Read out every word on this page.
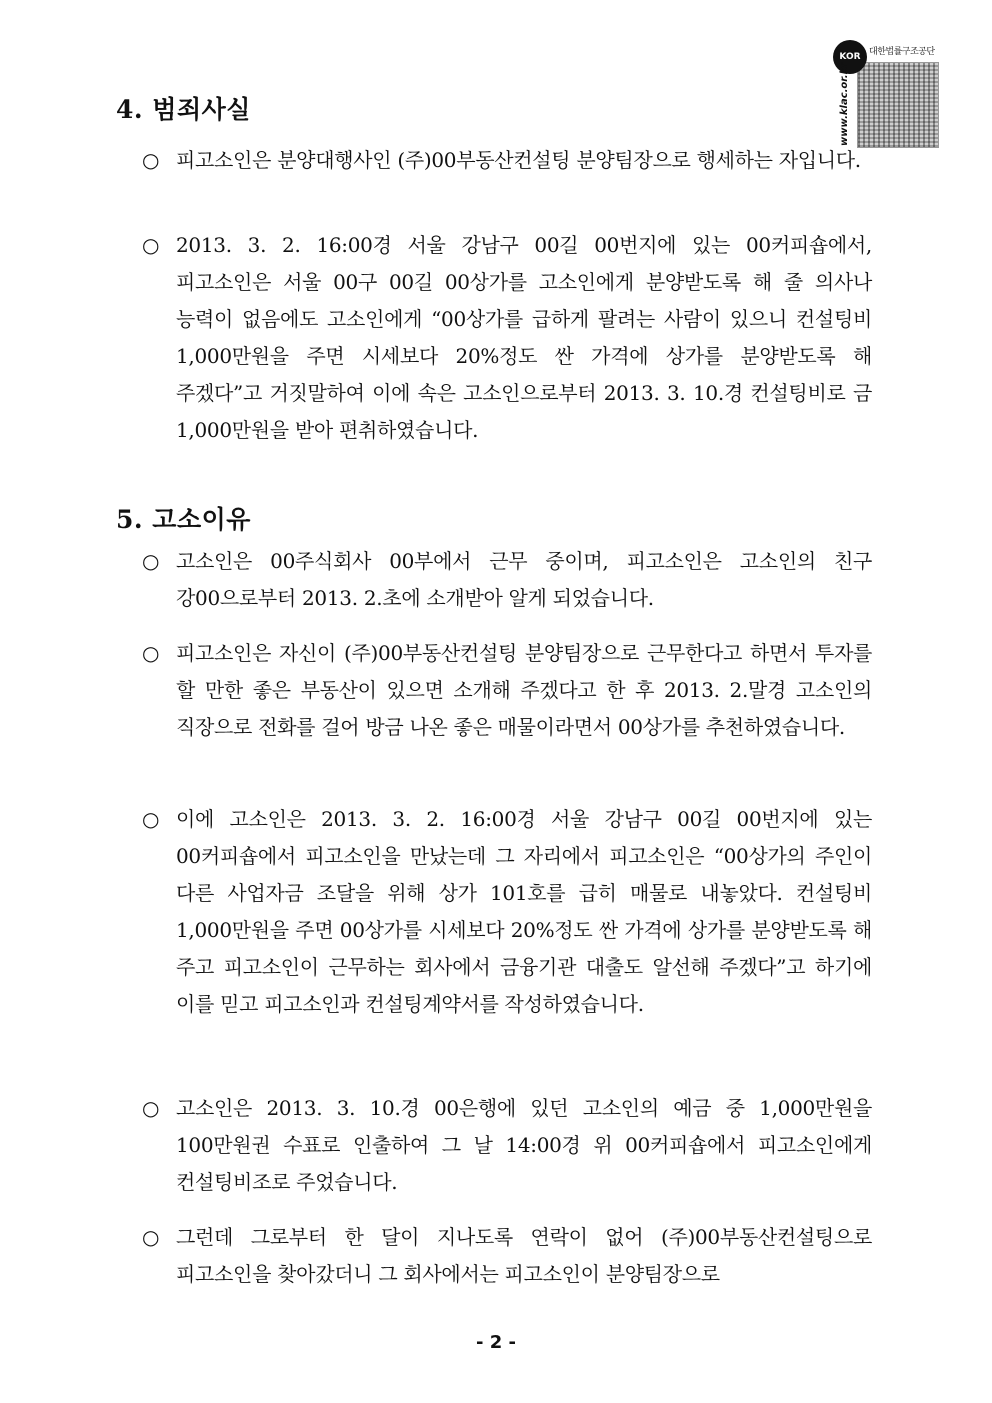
KOR 대한법률구조공단
www.klac.or.kr
4. 범죄사실
○ 피고소인은 분양대행사인 (주)00부동산컨설팅 분양팀장으로 행세하는 자입니다.
○ 2013. 3. 2. 16:00경 서울 강남구 00길 00번지에 있는 00커피숍에서, 피고소인은 서울 00구 00길 00상가를 고소인에게 분양받도록 해 줄 의사나 능력이 없음에도 고소인에게 “00상가를 급하게 팔려는 사람이 있으니 컨설팅비 1,000만원을 주면 시세보다 20%정도 싼 가격에 상가를 분양받도록 해 주겠다”고 거짓말하여 이에 속은 고소인으로부터 2013. 3. 10.경 컨설팅비로 금 1,000만원을 받아 편취하였습니다.
5. 고소이유
○ 고소인은 00주식회사 00부에서 근무 중이며, 피고소인은 고소인의 친구 강00으로부터 2013. 2.초에 소개받아 알게 되었습니다.
○ 피고소인은 자신이 (주)00부동산컨설팅 분양팀장으로 근무한다고 하면서 투자를 할 만한 좋은 부동산이 있으면 소개해 주겠다고 한 후 2013. 2.말경 고소인의 직장으로 전화를 걸어 방금 나온 좋은 매물이라면서 00상가를 추천하였습니다.
○ 이에 고소인은 2013. 3. 2. 16:00경 서울 강남구 00길 00번지에 있는 00커피숍에서 피고소인을 만났는데 그 자리에서 피고소인은 “00상가의 주인이 다른 사업자금 조달을 위해 상가 101호를 급히 매물로 내놓았다. 컨설팅비 1,000만원을 주면 00상가를 시세보다 20%정도 싼 가격에 상가를 분양받도록 해 주고 피고소인이 근무하는 회사에서 금융기관 대출도 알선해 주겠다”고 하기에 이를 믿고 피고소인과 컨설팅계약서를 작성하였습니다.
○ 고소인은 2013. 3. 10.경 00은행에 있던 고소인의 예금 중 1,000만원을 100만원권 수표로 인출하여 그 날 14:00경 위 00커피숍에서 피고소인에게 컨설팅비조로 주었습니다.
○ 그런데 그로부터 한 달이 지나도록 연락이 없어 (주)00부동산컨설팅으로 피고소인을 찾아갔더니 그 회사에서는 피고소인이 분양팀장으로
- 2 -
